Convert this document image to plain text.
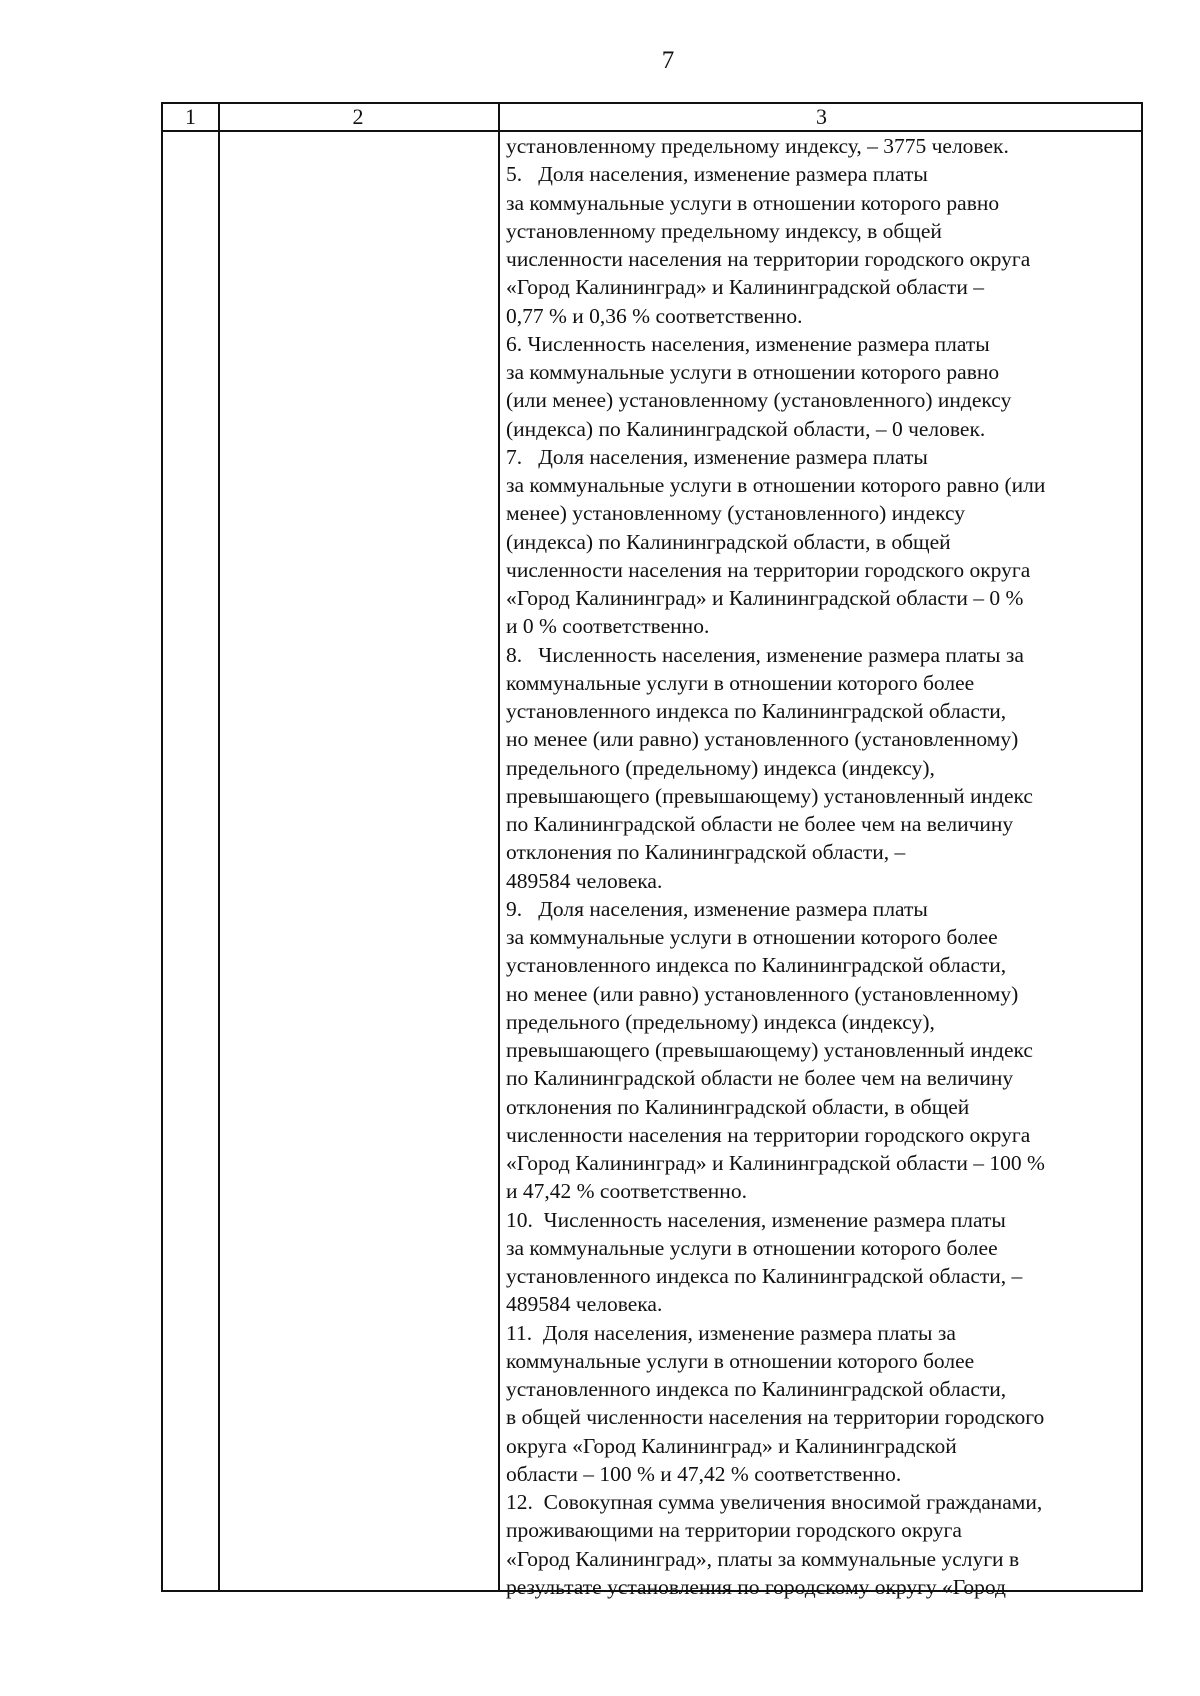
7
1	2	3
установленному предельному индексу, – 3775 человек.
5.   Доля населения, изменение размера платы
за коммунальные услуги в отношении которого равно
установленному предельному индексу, в общей
численности населения на территории городского округа
«Город Калининград» и Калининградской области –
0,77 % и 0,36 % соответственно.
6. Численность населения, изменение размера платы
за коммунальные услуги в отношении которого равно
(или менее) установленному (установленного) индексу
(индекса) по Калининградской области, – 0 человек.
7.   Доля населения, изменение размера платы
за коммунальные услуги в отношении которого равно (или
менее) установленному (установленного) индексу
(индекса) по Калининградской области, в общей
численности населения на территории городского округа
«Город Калининград» и Калининградской области – 0 %
и 0 % соответственно.
8.   Численность населения, изменение размера платы за
коммунальные услуги в отношении которого более
установленного индекса по Калининградской области,
но менее (или равно) установленного (установленному)
предельного (предельному) индекса (индексу),
превышающего (превышающему) установленный индекс
по Калининградской области не более чем на величину
отклонения по Калининградской области, –
489584 человека.
9.   Доля населения, изменение размера платы
за коммунальные услуги в отношении которого более
установленного индекса по Калининградской области,
но менее (или равно) установленного (установленному)
предельного (предельному) индекса (индексу),
превышающего (превышающему) установленный индекс
по Калининградской области не более чем на величину
отклонения по Калининградской области, в общей
численности населения на территории городского округа
«Город Калининград» и Калининградской области – 100 %
и 47,42 % соответственно.
10.  Численность населения, изменение размера платы
за коммунальные услуги в отношении которого более
установленного индекса по Калининградской области, –
489584 человека.
11.  Доля населения, изменение размера платы за
коммунальные услуги в отношении которого более
установленного индекса по Калининградской области,
в общей численности населения на территории городского
округа «Город Калининград» и Калининградской
области – 100 % и 47,42 % соответственно.
12.  Совокупная сумма увеличения вносимой гражданами,
проживающими на территории городского округа
«Город Калининград», платы за коммунальные услуги в
результате установления по городскому округу «Город
